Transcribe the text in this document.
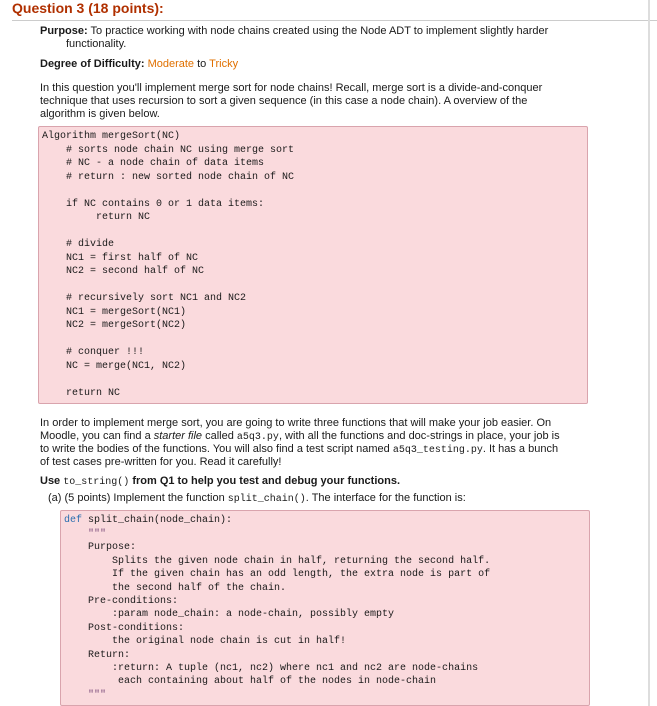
Question 3 (18 points):
Purpose: To practice working with node chains created using the Node ADT to implement slightly harder
functionality.
Degree of Difficulty: Moderate to Tricky
In this question you'll implement merge sort for node chains! Recall, merge sort is a divide-and-conquer
technique that uses recursion to sort a given sequence (in this case a node chain). A overview of the
algorithm is given below.
Algorithm mergeSort(NC)
# sorts node chain NC using merge sort
# NC - a node chain of data items
# return : new sorted node chain of NC
if NC contains 0 or 1 data items:
return NC
# divide
NC1 = first half of NC
NC2 = second half of NC
# recursively sort NC1 and NC2
NC1 = mergeSort(NC1)
NC2 = mergeSort(NC2)
# conquer !!!
NC = merge(NC1, NC2)
return NC
In order to implement merge sort, you are going to write three functions that will make your job easier. On
Moodle, you can find a starter file called a5q3.py, with all the functions and doc-strings in place, your job is
to write the bodies of the functions. You will also find a test script named a5q3_testing.py. It has a bunch
of test cases pre-written for you. Read it carefully!
Use to_string() from Q1 to help you test and debug your functions.
(a) (5 points) Implement the function split_chain(). The interface for the function is:
def split_chain(node_chain):
"""
Purpose:
Splits the given node chain in half, returning the second half.
If the given chain has an odd length, the extra node is part of
the second half of the chain.
Pre-conditions:
:param node_chain: a node-chain, possibly empty
Post-conditions:
the original node chain is cut in half!
Return:
:return: A tuple (nc1, nc2) where nc1 and nc2 are node-chains
each containing about half of the nodes in node-chain
"""
